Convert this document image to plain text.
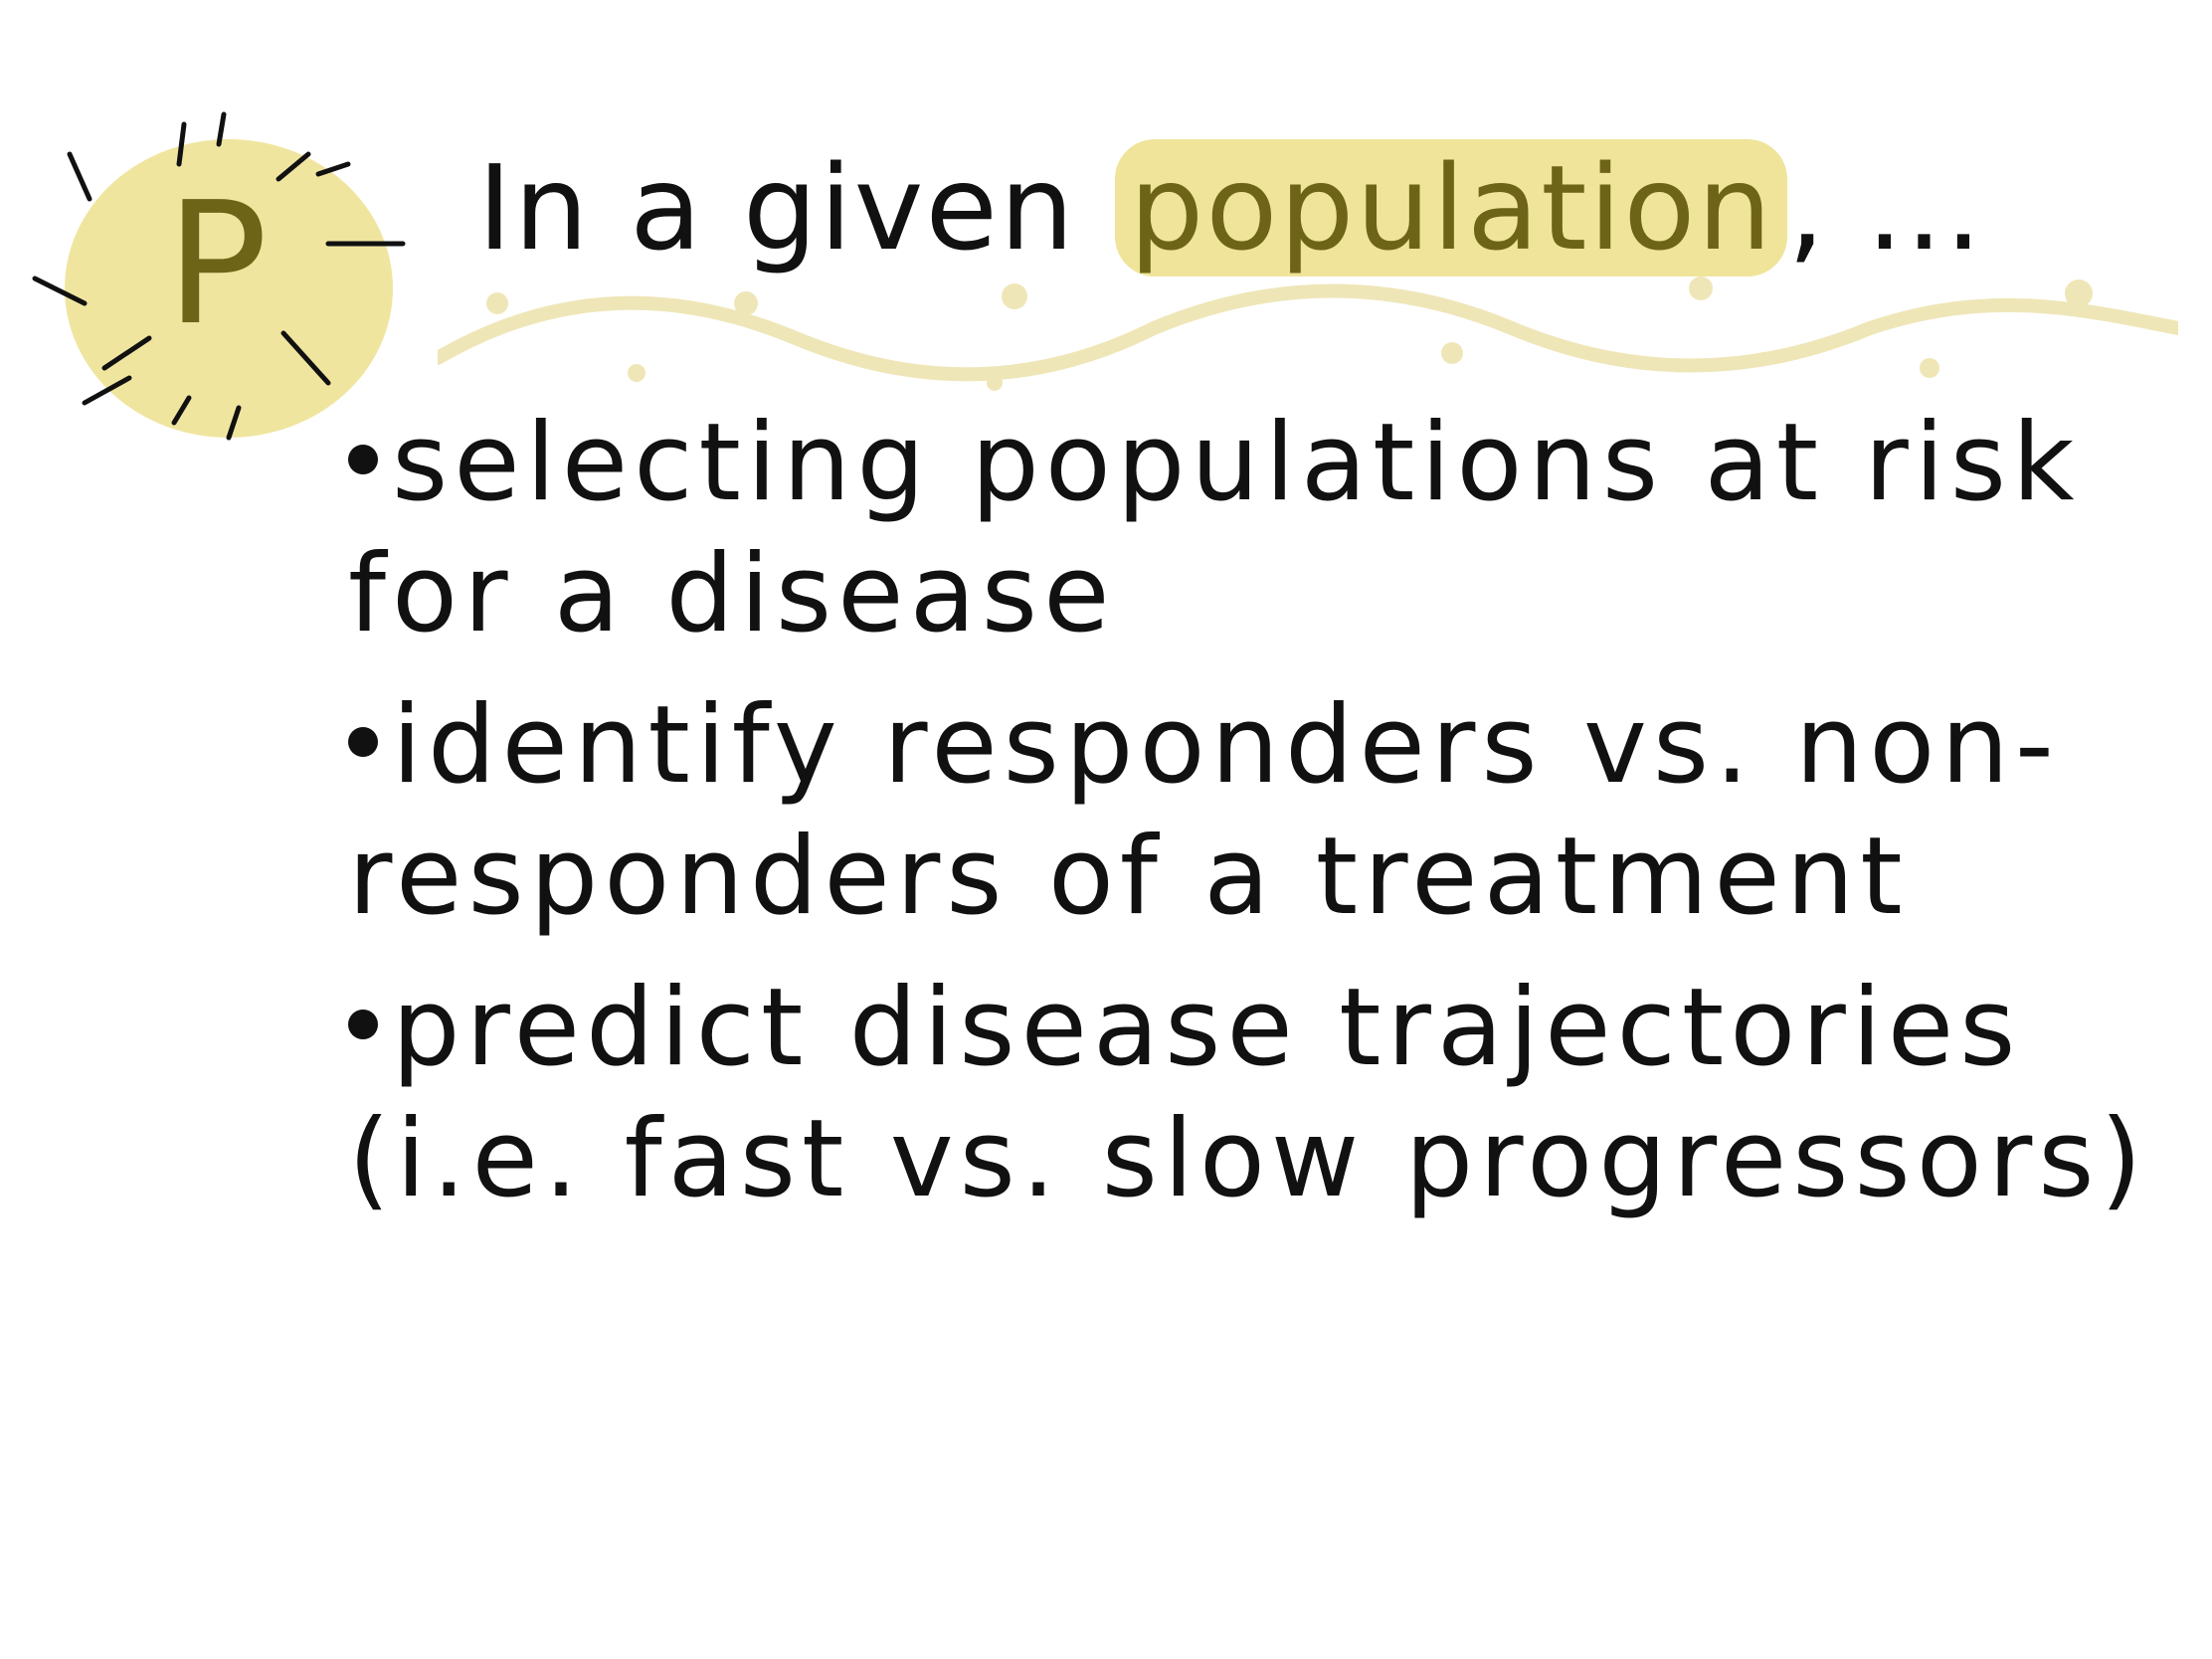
P	In a given population , ...
selecting populations at risk for a disease
identify responders vs. non-responders of a treatment
predict disease trajectories (i.e. fast vs. slow progressors)
